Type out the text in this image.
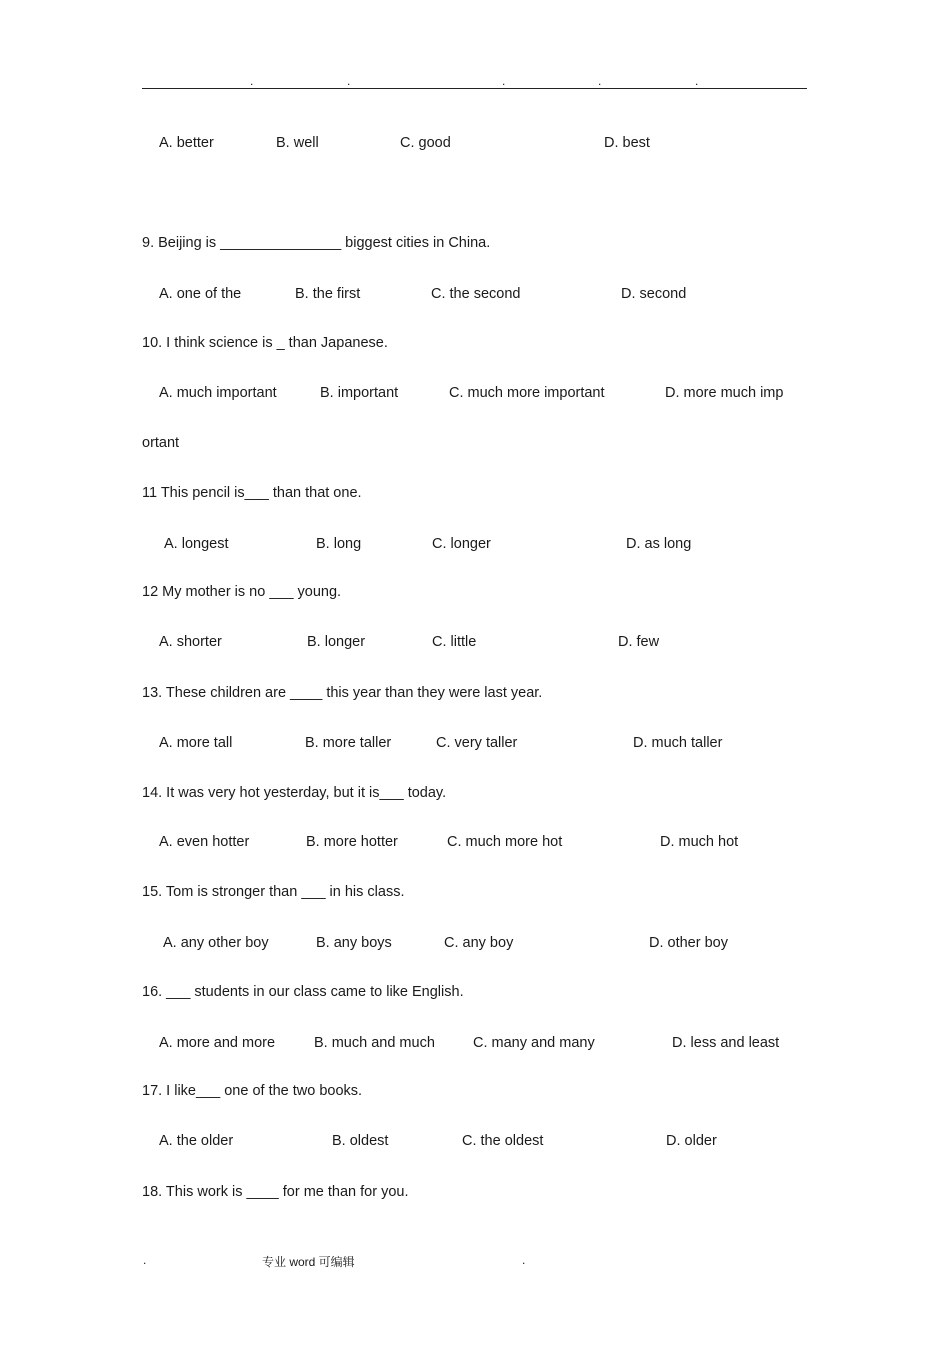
.	.	.	.	.
A. better	B. well	C. good	D. best
9. Beijing is _______________ biggest cities in China.
A. one of the	B. the first	C. the second	D. second
10. I think science is _ than Japanese.
A. much important	B. important	C. much more important	D. more much imp
ortant
11 This pencil is___ than that one.
A. longest	B. long	C. longer	D. as long
12 My mother is no ___ young.
A. shorter	B. longer	C. little	D. few
13. These children are ____ this year than they were last year.
A. more tall	B. more taller	C. very taller	D. much taller
14. It was very hot yesterday, but it is___ today.
A. even hotter	B. more hotter	C. much more hot	D. much hot
15. Tom is stronger than ___ in his class.
A. any other boy	B. any boys	C. any boy	D. other boy
16. ___ students in our class came to like English.
A. more and more	B. much and much	C. many and many	D. less and least
17. I like___ one of the two books.
A. the older	B. oldest	C. the oldest	D. older
18. This work is ____ for me than for you.
.	专业 word 可编辑	.
